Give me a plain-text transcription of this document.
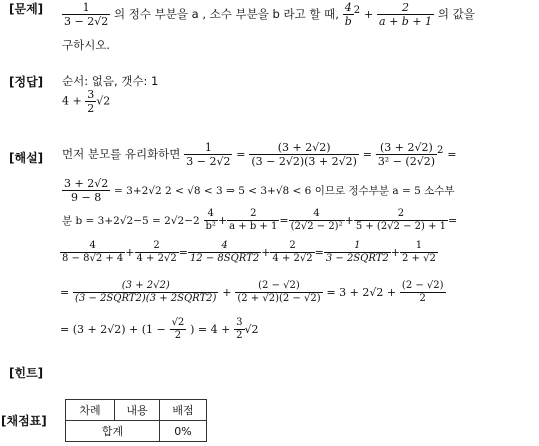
[문제]
[정답]
[해설]
[힌트]
[채점표]
$\frac{1}{3 - 2√2}$ 의 정수 부분을 a , 소수 부분을 b 라고 할 때, $\frac{4}{b} ^2 + \frac{2}{a + b + 1}$ 의 값을
구하시오.
순서: 없음, 갯수: 1
$4 + \frac{3}{2} √2$
먼저 분모를 유리화하면 $\frac{1}{3 - 2√2} = \frac{(3 + 2√2)}{(3 - 2√2)(3 + 2√2)} = \frac{(3 + 2√2)}{\text{3² − (2√2)}} ^2$ =
$\frac{3 + 2√2}{9 - 8} = 3+2√2$ 2 < √8 < 3 ⇒ 5 < 3+√8 < 6 이므로 정수부분 a = 5 소수부
분 $b = 3+2√2-5 = 2√2-2 \frac{4}{\text{b²}} + \frac{2}{a + b + 1} = \frac{4}{\text{(2√2 − 2)²}} + \frac{2}{5 + (2√2 - 2) + 1}$ =
$\frac{4}{8 - 8√2 + 4} + \frac{2}{4 + 2√2} = \frac{4}{\text{12 − 8SQRT2}} + \frac{2}{4 + 2√2} = \frac{1}{\text{3 − 2SQRT2}} + \frac{1}{2 + √2}$
= $\frac{(3 + 2√2)}{\text{(3 − 2SQRT2)(3 + 2SQRT2)}} + \frac{(2 - √2)}{(2 + √2)(2 - √2)} = 3 + 2√2 + \frac{(2 - √2)}{2}$
= $(3 + 2√2) + (1 - \frac{√2}{2}$ ) = $4 + \frac{3}{2} √2$
차례	내용	배점
합계		0%
